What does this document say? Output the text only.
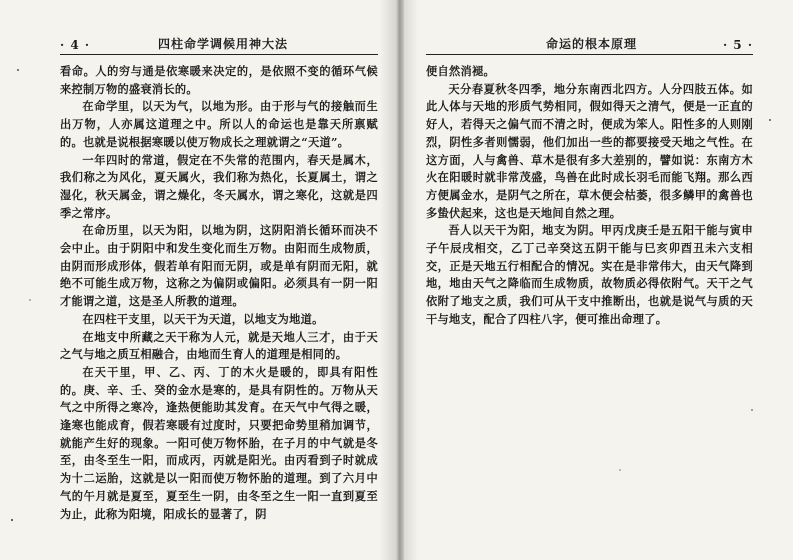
· 4 ·	四柱命学调候用神大法

看命。人的穷与通是依寒暖来决定的，是依照不变的循环气候来控制万物的盛衰消长的。

在命学里，以天为气，以地为形。由于形与气的接触而生出万物，人亦属这道理之中。所以人的命运也是靠天所禀赋的。也就是说根据寒暖以使万物成长之理就谓之“天道”。

一年四时的常道，假定在不失常的范围内，春天是属木，我们称之为风化，夏天属火，我们称为热化，长夏属土，谓之湿化，秋天属金，谓之燥化，冬天属水，谓之寒化，这就是四季之常序。

在命历里，以天为阳，以地为阴，这阴阳消长循环而决不会中止。由于阴阳中和发生变化而生万物。由阳而生成物质，由阴而形成形体，假若单有阳而无阴，或是单有阴而无阳，就绝不可能生成万物，这称之为偏阴或偏阳。必须具有一阴一阳才能谓之道，这是圣人所教的道理。

在四柱干支里，以天干为天道，以地支为地道。

在地支中所藏之天干称为人元，就是天地人三才，由于天之气与地之质互相融合，由地而生育人的道理是相同的。

在天干里，甲、乙、丙、丁的木火是暖的，即具有阳性的。庚、辛、壬、癸的金水是寒的，是具有阴性的。万物从天气之中所得之寒冷，逢热便能助其发育。在天气中气得之暖，逢寒也能成育，假若寒暖有过度时，只要把命势里稍加调节，就能产生好的现象。一阳可使万物怀胎，在子月的中气就是冬至，由冬至生一阳，而成丙，丙就是阳光。由丙看到子时就成为十二运胎，这就是以一阳而使万物怀胎的道理。到了六月中气的午月就是夏至，夏至生一阴，由冬至之生一阳一直到夏至为止，此称为阳境，阳成长的显著了，阴

命运的根本原理	· 5 ·

便自然消褪。

天分春夏秋冬四季，地分东南西北四方。人分四肢五体。如此人体与天地的形质气势相同，假如得天之清气，便是一正直的好人，若得天之偏气而不清之时，便成为笨人。阳性多的人则刚烈，阴性多者则懦弱，他们加出一些的都要接受天地之气性。在这方面，人与禽兽、草木是很有多大差别的，譬如说：东南方木火在阳暖时就非常茂盛，鸟兽在此时成长羽毛而能飞翔。那么西方便属金水，是阴气之所在，草木便会枯萎，很多鳞甲的禽兽也多蛰伏起来，这也是天地间自然之理。

吾人以天干为阳，地支为阴。甲丙戊庚壬是五阳干能与寅申子午辰戌相交，乙丁己辛癸这五阴干能与巳亥卯酉丑未六支相交，正是天地五行相配合的情况。实在是非常伟大，由天气降到地，地由天气之降临而生成物质，故物质必得依附气。天干之气依附了地支之质，我们可从干支中推断出，也就是说气与质的天干与地支，配合了四柱八字，便可推出命理了。
